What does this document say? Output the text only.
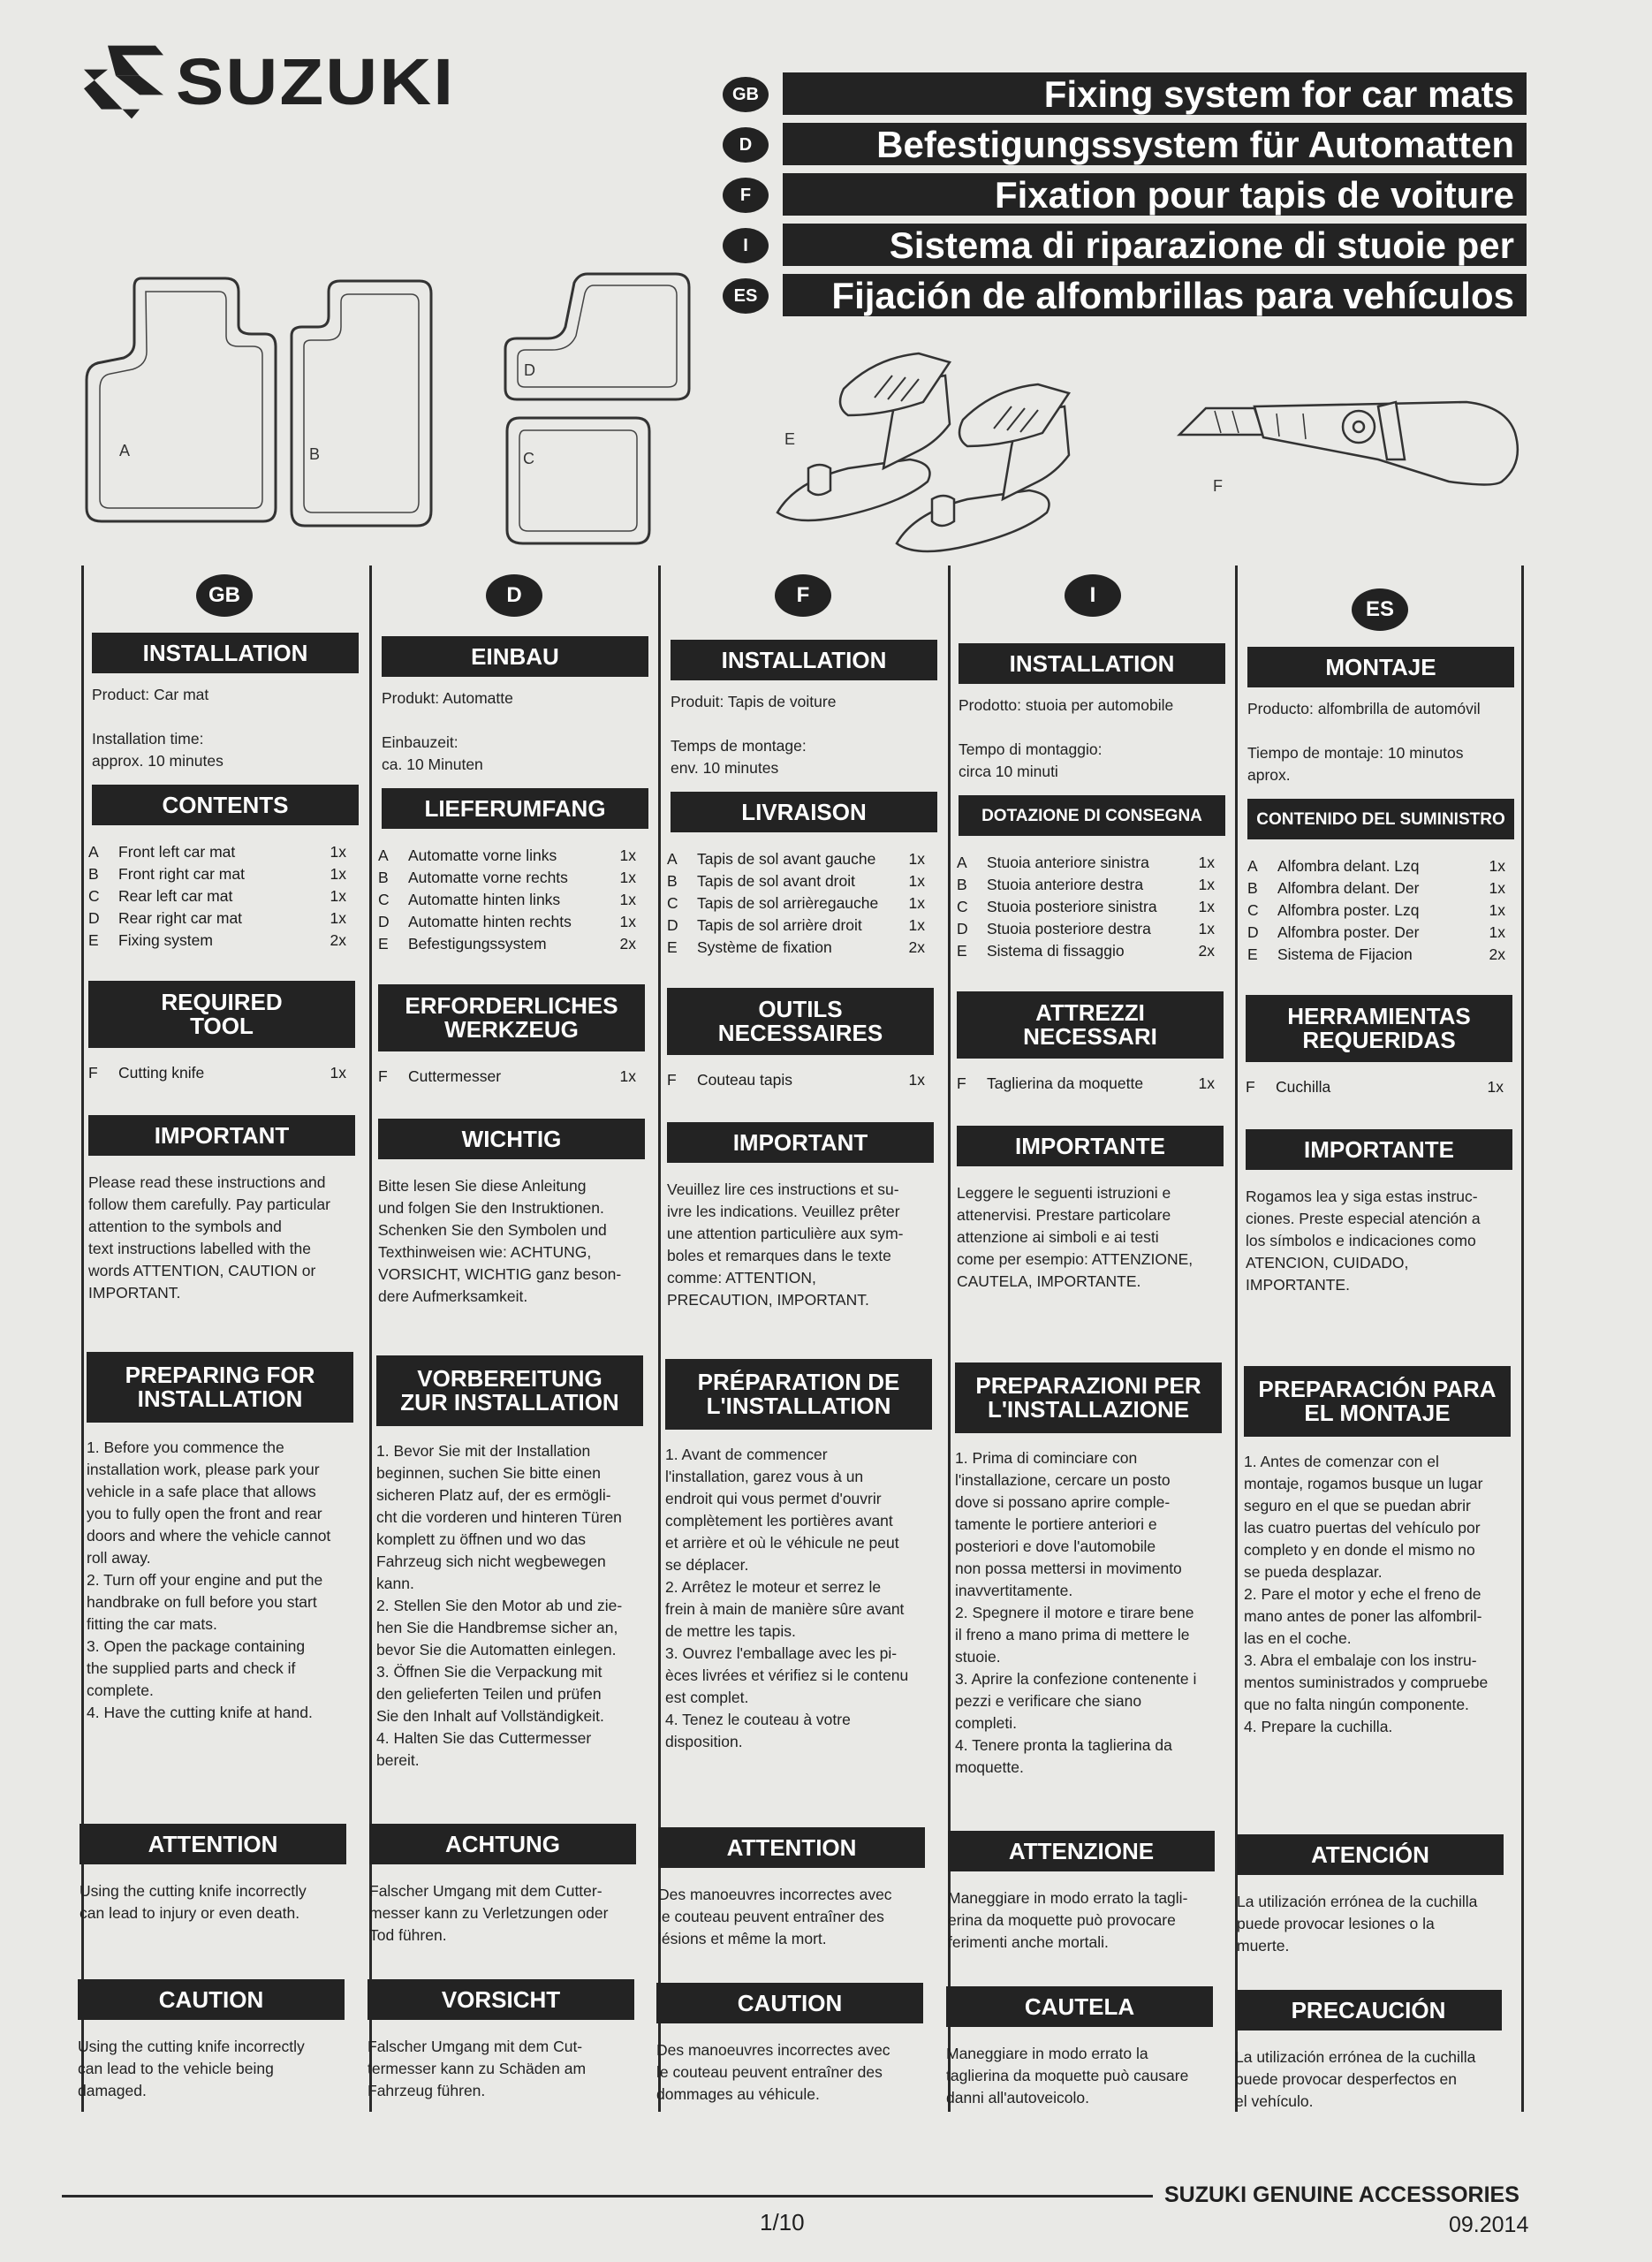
SUZUKI	GB	Fixing system for car mats
D	Befestigungssystem für Automatten
F	Fixation pour tapis de voiture
I	Sistema di riparazione di stuoie per
ES	Fijación de alfombrillas para vehículos
A	B
D
C
E
F
GB
INSTALLATION
Product: Car mat
Installation time:
approx. 10 minutes
CONTENTS
A	Front left car mat	1x
B	Front right car mat	1x
C	Rear left car mat	1x
D	Rear right car mat	1x
E	Fixing system	2x
REQUIRED
TOOL
F	Cutting knife	1x
IMPORTANT
Please read these instructions and
follow them carefully. Pay particular
attention to the symbols and
text instructions labelled with the
words ATTENTION, CAUTION or
IMPORTANT.
PREPARING FOR
INSTALLATION
1. Before you commence the
installation work, please park your
vehicle in a safe place that allows
you to fully open the front and rear
doors and where the vehicle cannot
roll away.
2. Turn off your engine and put the
handbrake on full before you start
fitting the car mats.
3. Open the package containing
the supplied parts and check if
complete.
4. Have the cutting knife at hand.
ATTENTION
Using the cutting knife incorrectly
can lead to injury or even death.
CAUTION
Using the cutting knife incorrectly
can lead to the vehicle being
damaged.
D
EINBAU
Produkt: Automatte
Einbauzeit:
ca. 10 Minuten
LIEFERUMFANG
A	Automatte vorne links	1x
B	Automatte vorne rechts	1x
C	Automatte hinten links	1x
D	Automatte hinten rechts	1x
E	Befestigungssystem	2x
ERFORDERLICHES
WERKZEUG
F	Cuttermesser	1x
WICHTIG
Bitte lesen Sie diese Anleitung
und folgen Sie den Instruktionen.
Schenken Sie den Symbolen und
Texthinweisen wie: ACHTUNG,
VORSICHT, WICHTIG ganz beson-
dere Aufmerksamkeit.
VORBEREITUNG
ZUR INSTALLATION
1. Bevor Sie mit der Installation
beginnen, suchen Sie bitte einen
sicheren Platz auf, der es ermögli-
cht die vorderen und hinteren Türen
komplett zu öffnen und wo das
Fahrzeug sich nicht wegbewegen
kann.
2. Stellen Sie den Motor ab und zie-
hen Sie die Handbremse sicher an,
bevor Sie die Automatten einlegen.
3. Öffnen Sie die Verpackung mit
den gelieferten Teilen und prüfen
Sie den Inhalt auf Vollständigkeit.
4. Halten Sie das Cuttermesser
bereit.
ACHTUNG
Falscher Umgang mit dem Cutter-
messer kann zu Verletzungen oder
Tod führen.
VORSICHT
Falscher Umgang mit dem Cut-
termesser kann zu Schäden am
Fahrzeug führen.
F
INSTALLATION
Produit: Tapis de voiture
Temps de montage:
env. 10 minutes
LIVRAISON
A	Tapis de sol avant gauche	1x
B	Tapis de sol avant droit	1x
C	Tapis de sol arrièregauche	1x
D	Tapis de sol arrière droit	1x
E	Système de fixation	2x
OUTILS
NECESSAIRES
F	Couteau tapis	1x
IMPORTANT
Veuillez lire ces instructions et su-
ivre les indications. Veuillez prêter
une attention particulière aux sym-
boles et remarques dans le texte
comme: ATTENTION,
PRECAUTION, IMPORTANT.
PRÉPARATION DE
L'INSTALLATION
1. Avant de commencer
l'installation, garez vous à un
endroit qui vous permet d'ouvrir
complètement les portières avant
et arrière et où le véhicule ne peut
se déplacer.
2. Arrêtez le moteur et serrez le
frein à main de manière sûre avant
de mettre les tapis.
3. Ouvrez l'emballage avec les pi-
èces livrées et vérifiez si le contenu
est complet.
4. Tenez le couteau à votre
disposition.
ATTENTION
Des manoeuvres incorrectes avec
le couteau peuvent entraîner des
lésions et même la mort.
CAUTION
Des manoeuvres incorrectes avec
le couteau peuvent entraîner des
dommages au véhicule.
I
INSTALLATION
Prodotto: stuoia per automobile
Tempo di montaggio:
circa 10 minuti
DOTAZIONE DI CONSEGNA
A	Stuoia anteriore sinistra	1x
B	Stuoia anteriore destra	1x
C	Stuoia posteriore sinistra	1x
D	Stuoia posteriore destra	1x
E	Sistema di fissaggio	2x
ATTREZZI
NECESSARI
F	Taglierina da moquette	1x
IMPORTANTE
Leggere le seguenti istruzioni e
attenervisi. Prestare particolare
attenzione ai simboli e ai testi
come per esempio: ATTENZIONE,
CAUTELA, IMPORTANTE.
PREPARAZIONI PER
L'INSTALLAZIONE
1. Prima di cominciare con
l'installazione, cercare un posto
dove si possano aprire comple-
tamente le portiere anteriori e
posteriori e dove l'automobile
non possa mettersi in movimento
inavvertitamente.
2. Spegnere il motore e tirare bene
il freno a mano prima di mettere le
stuoie.
3. Aprire la confezione contenente i
pezzi e verificare che siano
completi.
4. Tenere pronta la taglierina da
moquette.
ATTENZIONE
Maneggiare in modo errato la tagli-
erina da moquette può provocare
ferimenti anche mortali.
CAUTELA
Maneggiare in modo errato la
taglierina da moquette può causare
danni all'autoveicolo.
ES
MONTAJE
Producto: alfombrilla de automóvil
Tiempo de montaje: 10 minutos
aprox.
CONTENIDO DEL SUMINISTRO
A	Alfombra delant. Lzq	1x
B	Alfombra delant. Der	1x
C	Alfombra poster. Lzq	1x
D	Alfombra poster. Der	1x
E	Sistema de Fijacion	2x
HERRAMIENTAS
REQUERIDAS
F	Cuchilla	1x
IMPORTANTE
Rogamos lea y siga estas instruc-
ciones. Preste especial atención a
los símbolos e indicaciones como
ATENCION, CUIDADO,
IMPORTANTE.
PREPARACIÓN PARA
EL MONTAJE
1. Antes de comenzar con el
montaje, rogamos busque un lugar
seguro en el que se puedan abrir
las cuatro puertas del vehículo por
completo y en donde el mismo no
se pueda desplazar.
2. Pare el motor y eche el freno de
mano antes de poner las alfombril-
las en el coche.
3. Abra el embalaje con los instru-
mentos suministrados y compruebe
que no falta ningún componente.
4. Prepare la cuchilla.
ATENCIÓN
La utilización errónea de la cuchilla
puede provocar lesiones o la
muerte.
PRECAUCIÓN
La utilización errónea de la cuchilla
puede provocar desperfectos en
el vehículo.
SUZUKI GENUINE ACCESSORIES
09.2014
1/10
